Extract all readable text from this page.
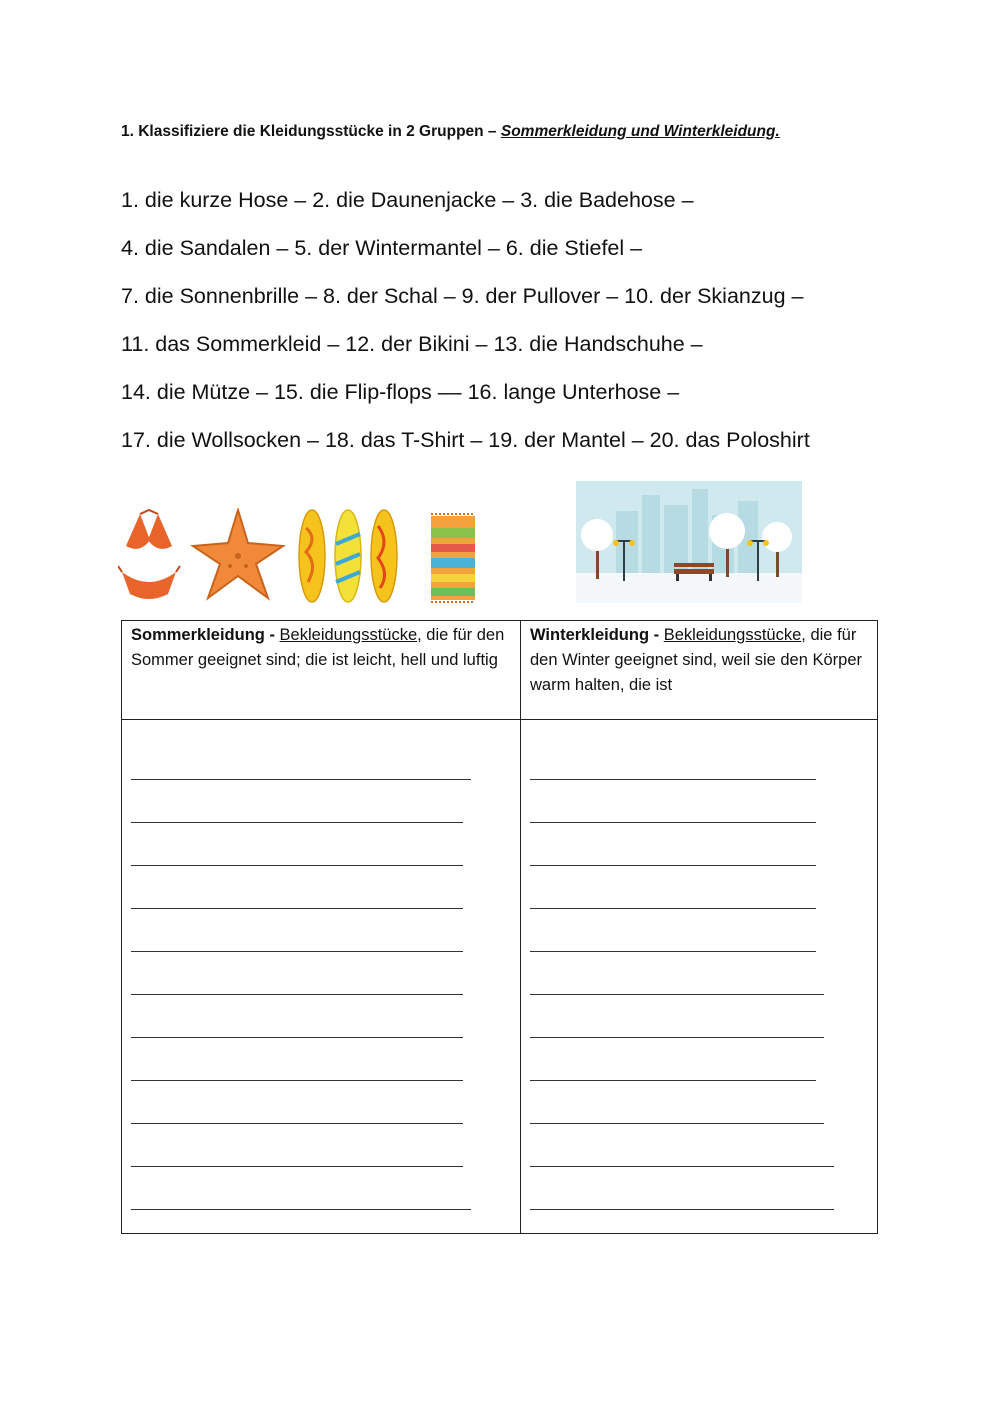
1. Klassifiziere die Kleidungsstücke in 2 Gruppen – Sommerkleidung und Winterkleidung.
1. die kurze Hose – 2. die Daunenjacke – 3. die Badehose –
4. die Sandalen – 5. der Wintermantel – 6. die Stiefel –
7. die Sonnenbrille – 8. der Schal – 9. der Pullover – 10. der Skianzug –
11. das Sommerkleid – 12. der Bikini – 13. die Handschuhe –
14. die Mütze – 15. die Flip-flops –– 16. lange Unterhose –
17. die Wollsocken – 18. das T-Shirt – 19. der Mantel – 20. das Poloshirt
Sommerkleidung - Bekleidungsstücke, die für den Sommer geeignet sind; die ist leicht, hell und luftig	Winterkleidung - Bekleidungsstücke, die für den Winter geeignet sind, weil sie den Körper warm halten, die ist
